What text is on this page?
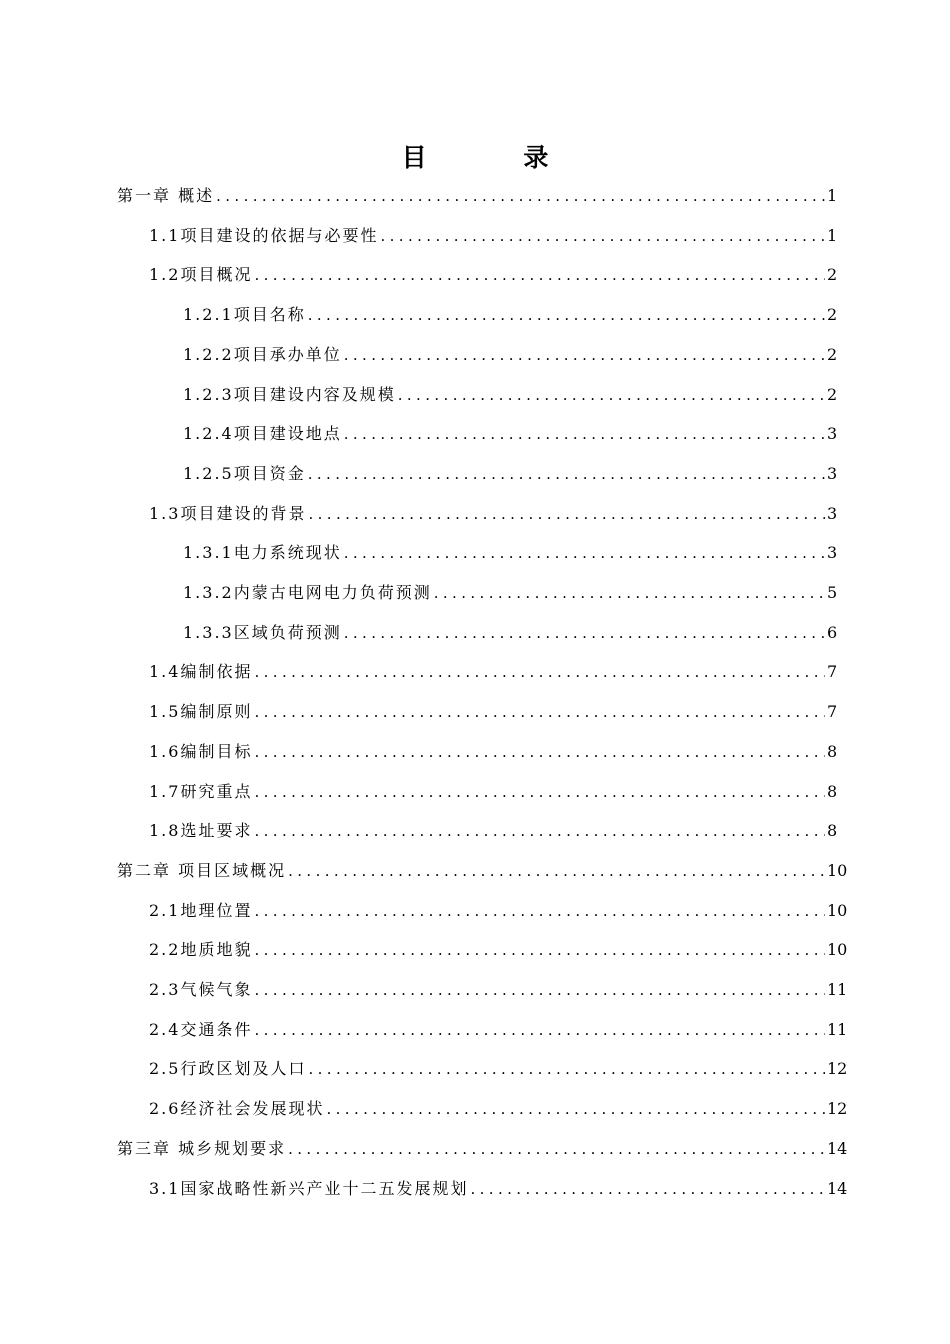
目 录
第一章 概述 .....	1
1.1项目建设的依据与必要性 .....	1
1.2项目概况 .....	2
1.2.1项目名称 .....	2
1.2.2项目承办单位 .....	2
1.2.3项目建设内容及规模 .....	2
1.2.4项目建设地点 .....	3
1.2.5项目资金 .....	3
1.3项目建设的背景 .....	3
1.3.1电力系统现状 .....	3
1.3.2内蒙古电网电力负荷预测 .....	5
1.3.3区域负荷预测 .....	6
1.4编制依据 .....	7
1.5编制原则 .....	7
1.6编制目标 .....	8
1.7研究重点 .....	8
1.8选址要求 .....	8
第二章 项目区域概况 .....	10
2.1地理位置 .....	10
2.2地质地貌 .....	10
2.3气候气象 .....	11
2.4交通条件 .....	11
2.5行政区划及人口 .....	12
2.6经济社会发展现状 .....	12
第三章 城乡规划要求 .....	14
3.1国家战略性新兴产业十二五发展规划 .....	14
